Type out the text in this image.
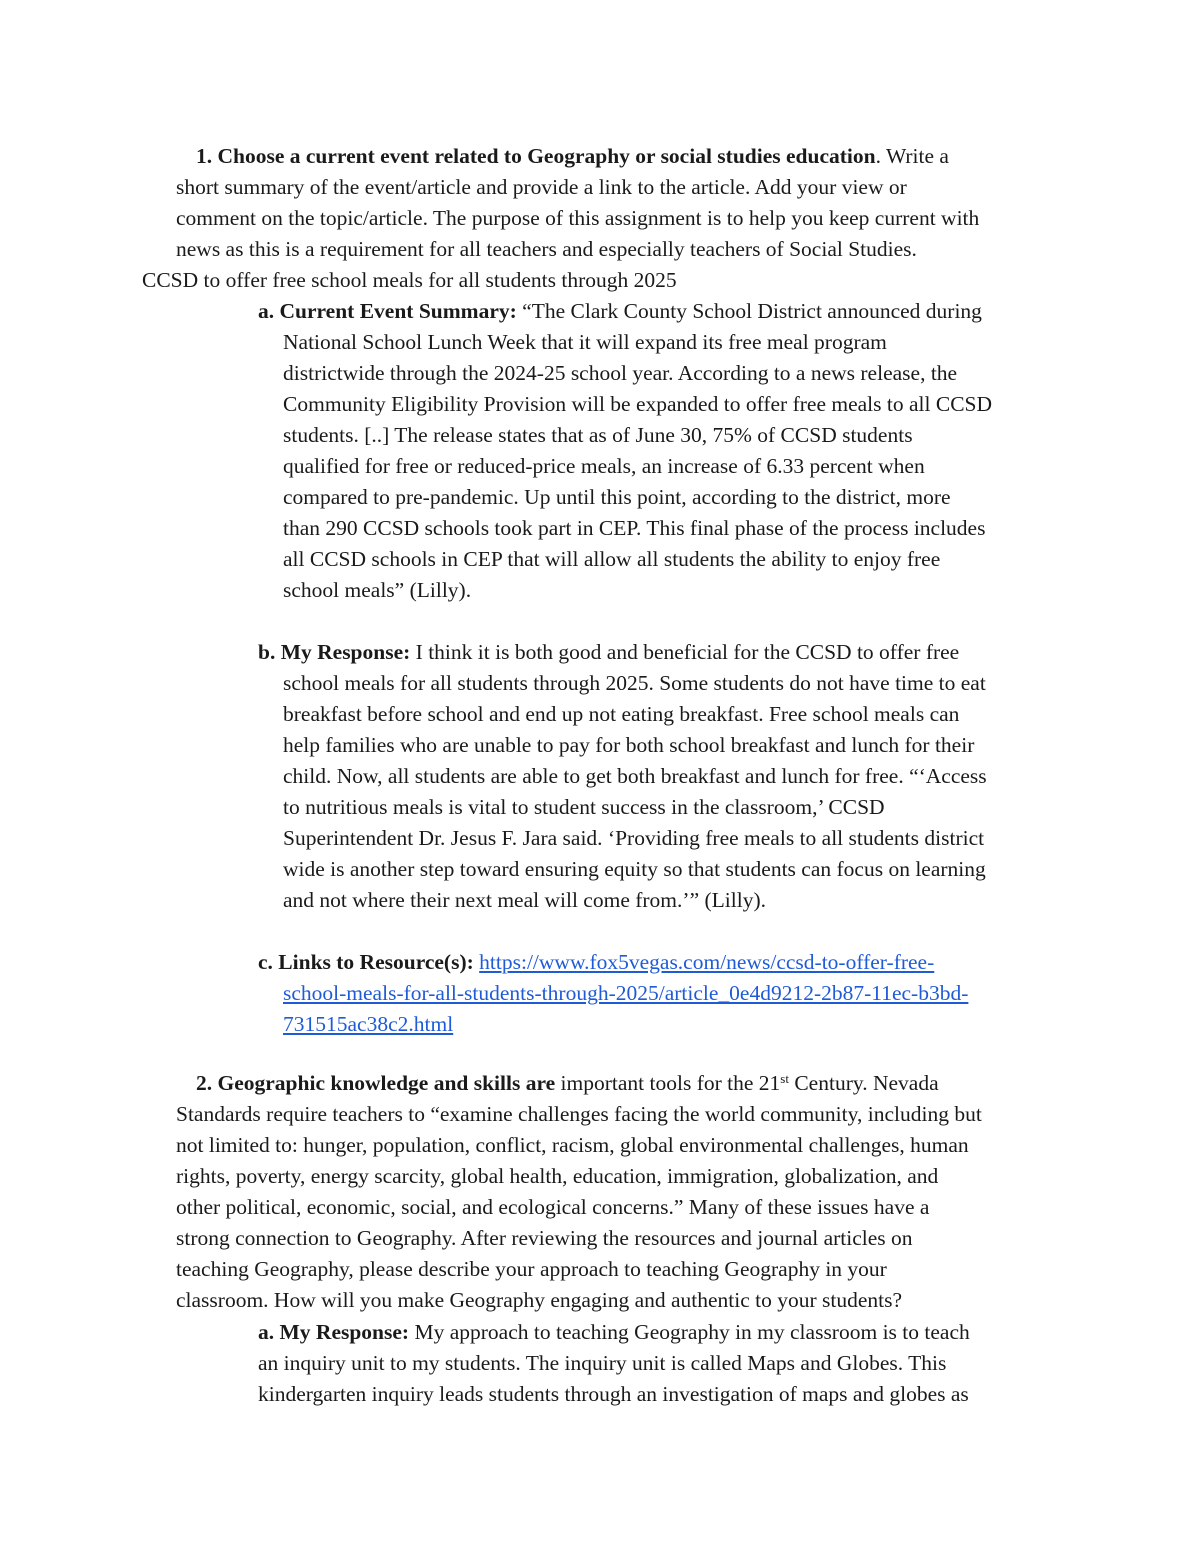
1. Choose a current event related to Geography or social studies education. Write a
short summary of the event/article and provide a link to the article. Add your view or
comment on the topic/article. The purpose of this assignment is to help you keep current with
news as this is a requirement for all teachers and especially teachers of Social Studies.
CCSD to offer free school meals for all students through 2025
a. Current Event Summary: “The Clark County School District announced during
National School Lunch Week that it will expand its free meal program
districtwide through the 2024-25 school year. According to a news release, the
Community Eligibility Provision will be expanded to offer free meals to all CCSD
students. [..] The release states that as of June 30, 75% of CCSD students
qualified for free or reduced-price meals, an increase of 6.33 percent when
compared to pre-pandemic. Up until this point, according to the district, more
than 290 CCSD schools took part in CEP. This final phase of the process includes
all CCSD schools in CEP that will allow all students the ability to enjoy free
school meals” (Lilly).
b. My Response: I think it is both good and beneficial for the CCSD to offer free
school meals for all students through 2025. Some students do not have time to eat
breakfast before school and end up not eating breakfast. Free school meals can
help families who are unable to pay for both school breakfast and lunch for their
child. Now, all students are able to get both breakfast and lunch for free. “‘Access
to nutritious meals is vital to student success in the classroom,’ CCSD
Superintendent Dr. Jesus F. Jara said. ‘Providing free meals to all students district
wide is another step toward ensuring equity so that students can focus on learning
and not where their next meal will come from.’” (Lilly).
c. Links to Resource(s): https://www.fox5vegas.com/news/ccsd-to-offer-free-
school-meals-for-all-students-through-2025/article_0e4d9212-2b87-11ec-b3bd-
731515ac38c2.html
2. Geographic knowledge and skills are important tools for the 21st Century. Nevada
Standards require teachers to “examine challenges facing the world community, including but
not limited to: hunger, population, conflict, racism, global environmental challenges, human
rights, poverty, energy scarcity, global health, education, immigration, globalization, and
other political, economic, social, and ecological concerns.” Many of these issues have a
strong connection to Geography. After reviewing the resources and journal articles on
teaching Geography, please describe your approach to teaching Geography in your
classroom. How will you make Geography engaging and authentic to your students?
a. My Response: My approach to teaching Geography in my classroom is to teach
an inquiry unit to my students. The inquiry unit is called Maps and Globes. This
kindergarten inquiry leads students through an investigation of maps and globes as
